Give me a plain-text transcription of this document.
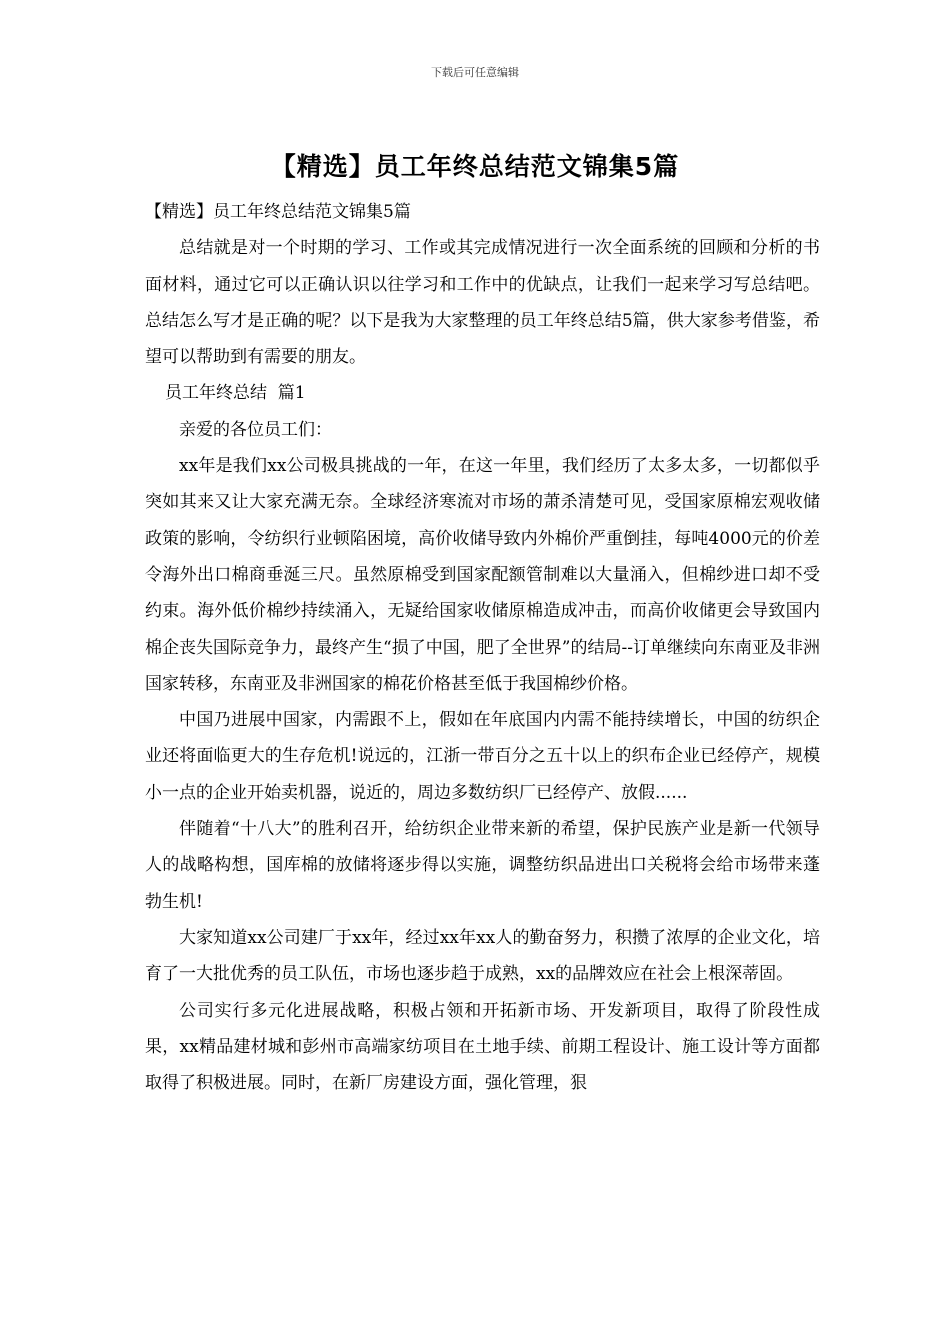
下载后可任意编辑
【精选】员工年终总结范文锦集5篇

【精选】员工年终总结范文锦集5篇

总结就是对一个时期的学习、工作或其完成情况进行一次全面系统的回顾和分析的书面材料，通过它可以正确认识以往学习和工作中的优缺点，让我们一起来学习写总结吧。总结怎么写才是正确的呢？以下是我为大家整理的员工年终总结5篇，供大家参考借鉴，希望可以帮助到有需要的朋友。

员工年终总结  篇1

亲爱的各位员工们：

xx年是我们xx公司极具挑战的一年，在这一年里，我们经历了太多太多，一切都似乎突如其来又让大家充满无奈。全球经济寒流对市场的萧杀清楚可见，受国家原棉宏观收储政策的影响，令纺织行业顿陷困境，高价收储导致内外棉价严重倒挂，每吨4000元的价差令海外出口棉商垂涎三尺。虽然原棉受到国家配额管制难以大量涌入，但棉纱进口却不受约束。海外低价棉纱持续涌入，无疑给国家收储原棉造成冲击，而高价收储更会导致国内棉企丧失国际竞争力，最终产生“损了中国，肥了全世界”的结局--订单继续向东南亚及非洲国家转移，东南亚及非洲国家的棉花价格甚至低于我国棉纱价格。

中国乃进展中国家，内需跟不上，假如在年底国内内需不能持续增长，中国的纺织企业还将面临更大的生存危机!说远的，江浙一带百分之五十以上的织布企业已经停产，规模小一点的企业开始卖机器，说近的，周边多数纺织厂已经停产、放假......

伴随着“十八大”的胜利召开，给纺织企业带来新的希望，保护民族产业是新一代领导人的战略构想，国库棉的放储将逐步得以实施，调整纺织品进出口关税将会给市场带来蓬勃生机!

大家知道xx公司建厂于xx年，经过xx年xx人的勤奋努力，积攒了浓厚的企业文化，培育了一大批优秀的员工队伍，市场也逐步趋于成熟，xx的品牌效应在社会上根深蒂固。

公司实行多元化进展战略，积极占领和开拓新市场、开发新项目，取得了阶段性成果，xx精品建材城和彭州市高端家纺项目在土地手续、前期工程设计、施工设计等方面都取得了积极进展。同时，在新厂房建设方面，强化管理，狠
